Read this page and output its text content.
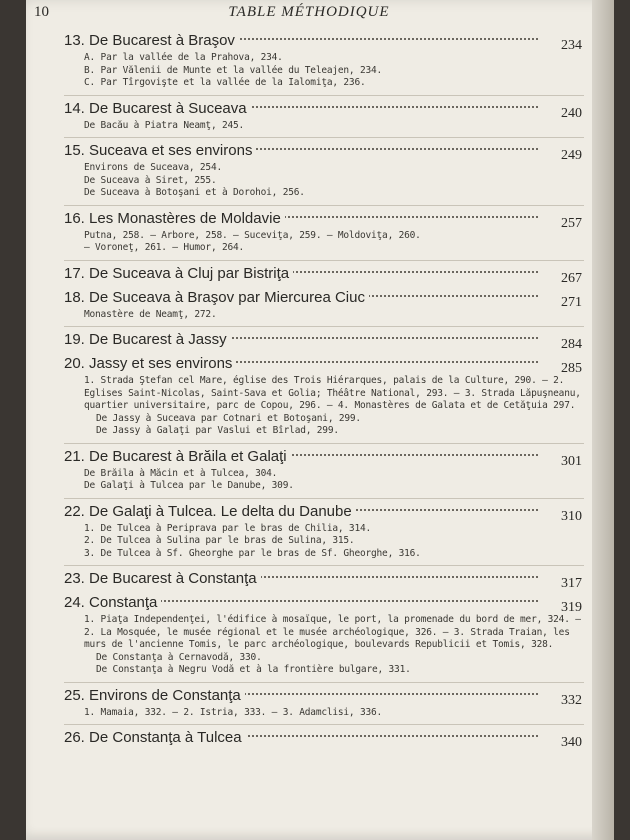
10	TABLE MÉTHODIQUE
13. De Bucarest à Braşov	234
A. Par la vallée de la Prahova, 234.
B. Par Vălenii de Munte et la vallée du Teleajen, 234.
C. Par Tîrgovişte et la vallée de la Ialomiţa, 236.
14. De Bucarest à Suceava	240
De Bacău à Piatra Neamţ, 245.
15. Suceava et ses environs	249
Environs de Suceava, 254.
De Suceava à Siret, 255.
De Suceava à Botoşani et à Dorohoi, 256.
16. Les Monastères de Moldavie	257
Putna, 258. — Arbore, 258. — Suceviţa, 259. — Moldoviţa, 260.
— Voroneţ, 261. — Humor, 264.
17. De Suceava à Cluj par Bistriţa	267
18. De Suceava à Braşov par Miercurea Ciuc	271
Monastère de Neamţ, 272.
19. De Bucarest à Jassy	284
20. Jassy et ses environs	285
1. Strada Ştefan cel Mare, église des Trois Hiérarques, palais de la Culture, 290. — 2. Eglises Saint-Nicolas, Saint-Sava et Golia; Théâtre National, 293. — 3. Strada Lăpuşneanu, quartier universitaire, parc de Copou, 296. — 4. Monastères de Galata et de Cetăţuia 297.
De Jassy à Suceava par Cotnari et Botoşani, 299.
De Jassy à Galaţi par Vaslui et Bîrlad, 299.
21. De Bucarest à Brăila et Galaţi	301
De Brăila à Măcin et à Tulcea, 304.
De Galaţi à Tulcea par le Danube, 309.
22. De Galaţi à Tulcea. Le delta du Danube	310
1. De Tulcea à Periprava par le bras de Chilia, 314.
2. De Tulcea à Sulina par le bras de Sulina, 315.
3. De Tulcea à Sf. Gheorghe par le bras de Sf. Gheorghe, 316.
23. De Bucarest à Constanţa	317
24. Constanţa	319
1. Piaţa Independenţei, l'édifice à mosaïque, le port, la promenade du bord de mer, 324. — 2. La Mosquée, le musée régional et le musée archéologique, 326. — 3. Strada Traian, les murs de l'ancienne Tomis, le parc archéologique, boulevards Republicii et Tomis, 328.
De Constanţa à Cernavodă, 330.
De Constanţa à Negru Vodă et à la frontière bulgare, 331.
25. Environs de Constanţa	332
1. Mamaia, 332. — 2. Istria, 333. — 3. Adamclisi, 336.
26. De Constanţa à Tulcea	340
